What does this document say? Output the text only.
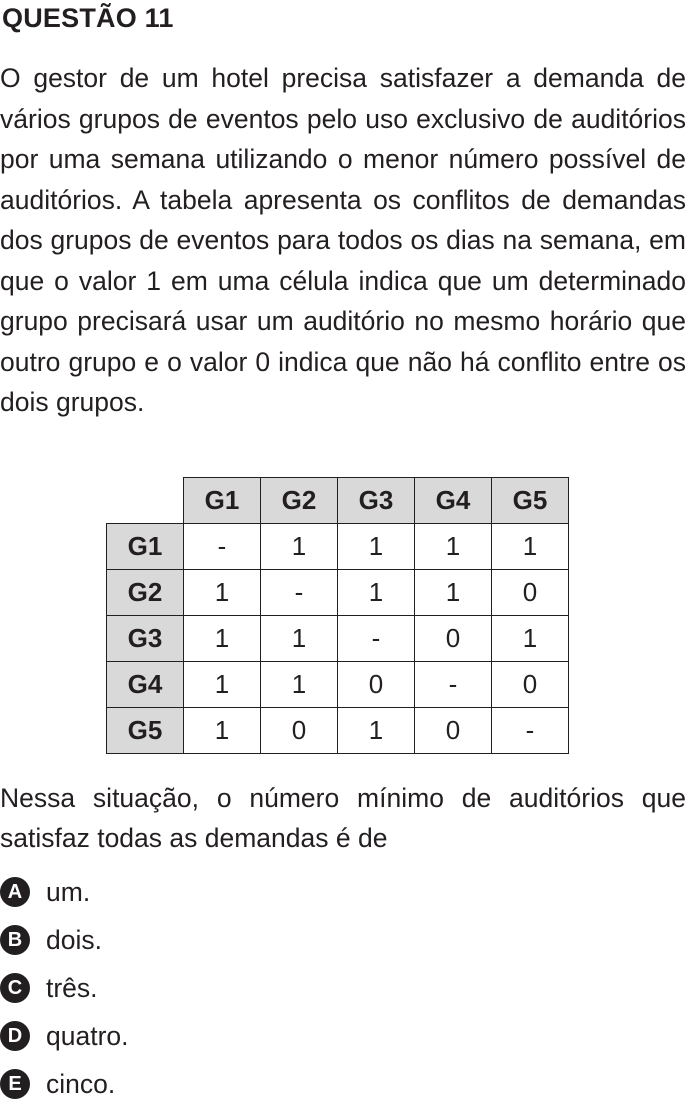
QUESTÃO 11

O gestor de um hotel precisa satisfazer a demanda de vários grupos de eventos pelo uso exclusivo de auditórios por uma semana utilizando o menor número possível de auditórios. A tabela apresenta os conflitos de demandas dos grupos de eventos para todos os dias na semana, em que o valor 1 em uma célula indica que um determinado grupo precisará usar um auditório no mesmo horário que outro grupo e o valor 0 indica que não há conflito entre os dois grupos.

	G1	G2	G3	G4	G5
G1	-	1	1	1	1
G2	1	-	1	1	0
G3	1	1	-	0	1
G4	1	1	0	-	0
G5	1	0	1	0	-

Nessa situação, o número mínimo de auditórios que satisfaz todas as demandas é de

A um.
B dois.
C três.
D quatro.
E cinco.
